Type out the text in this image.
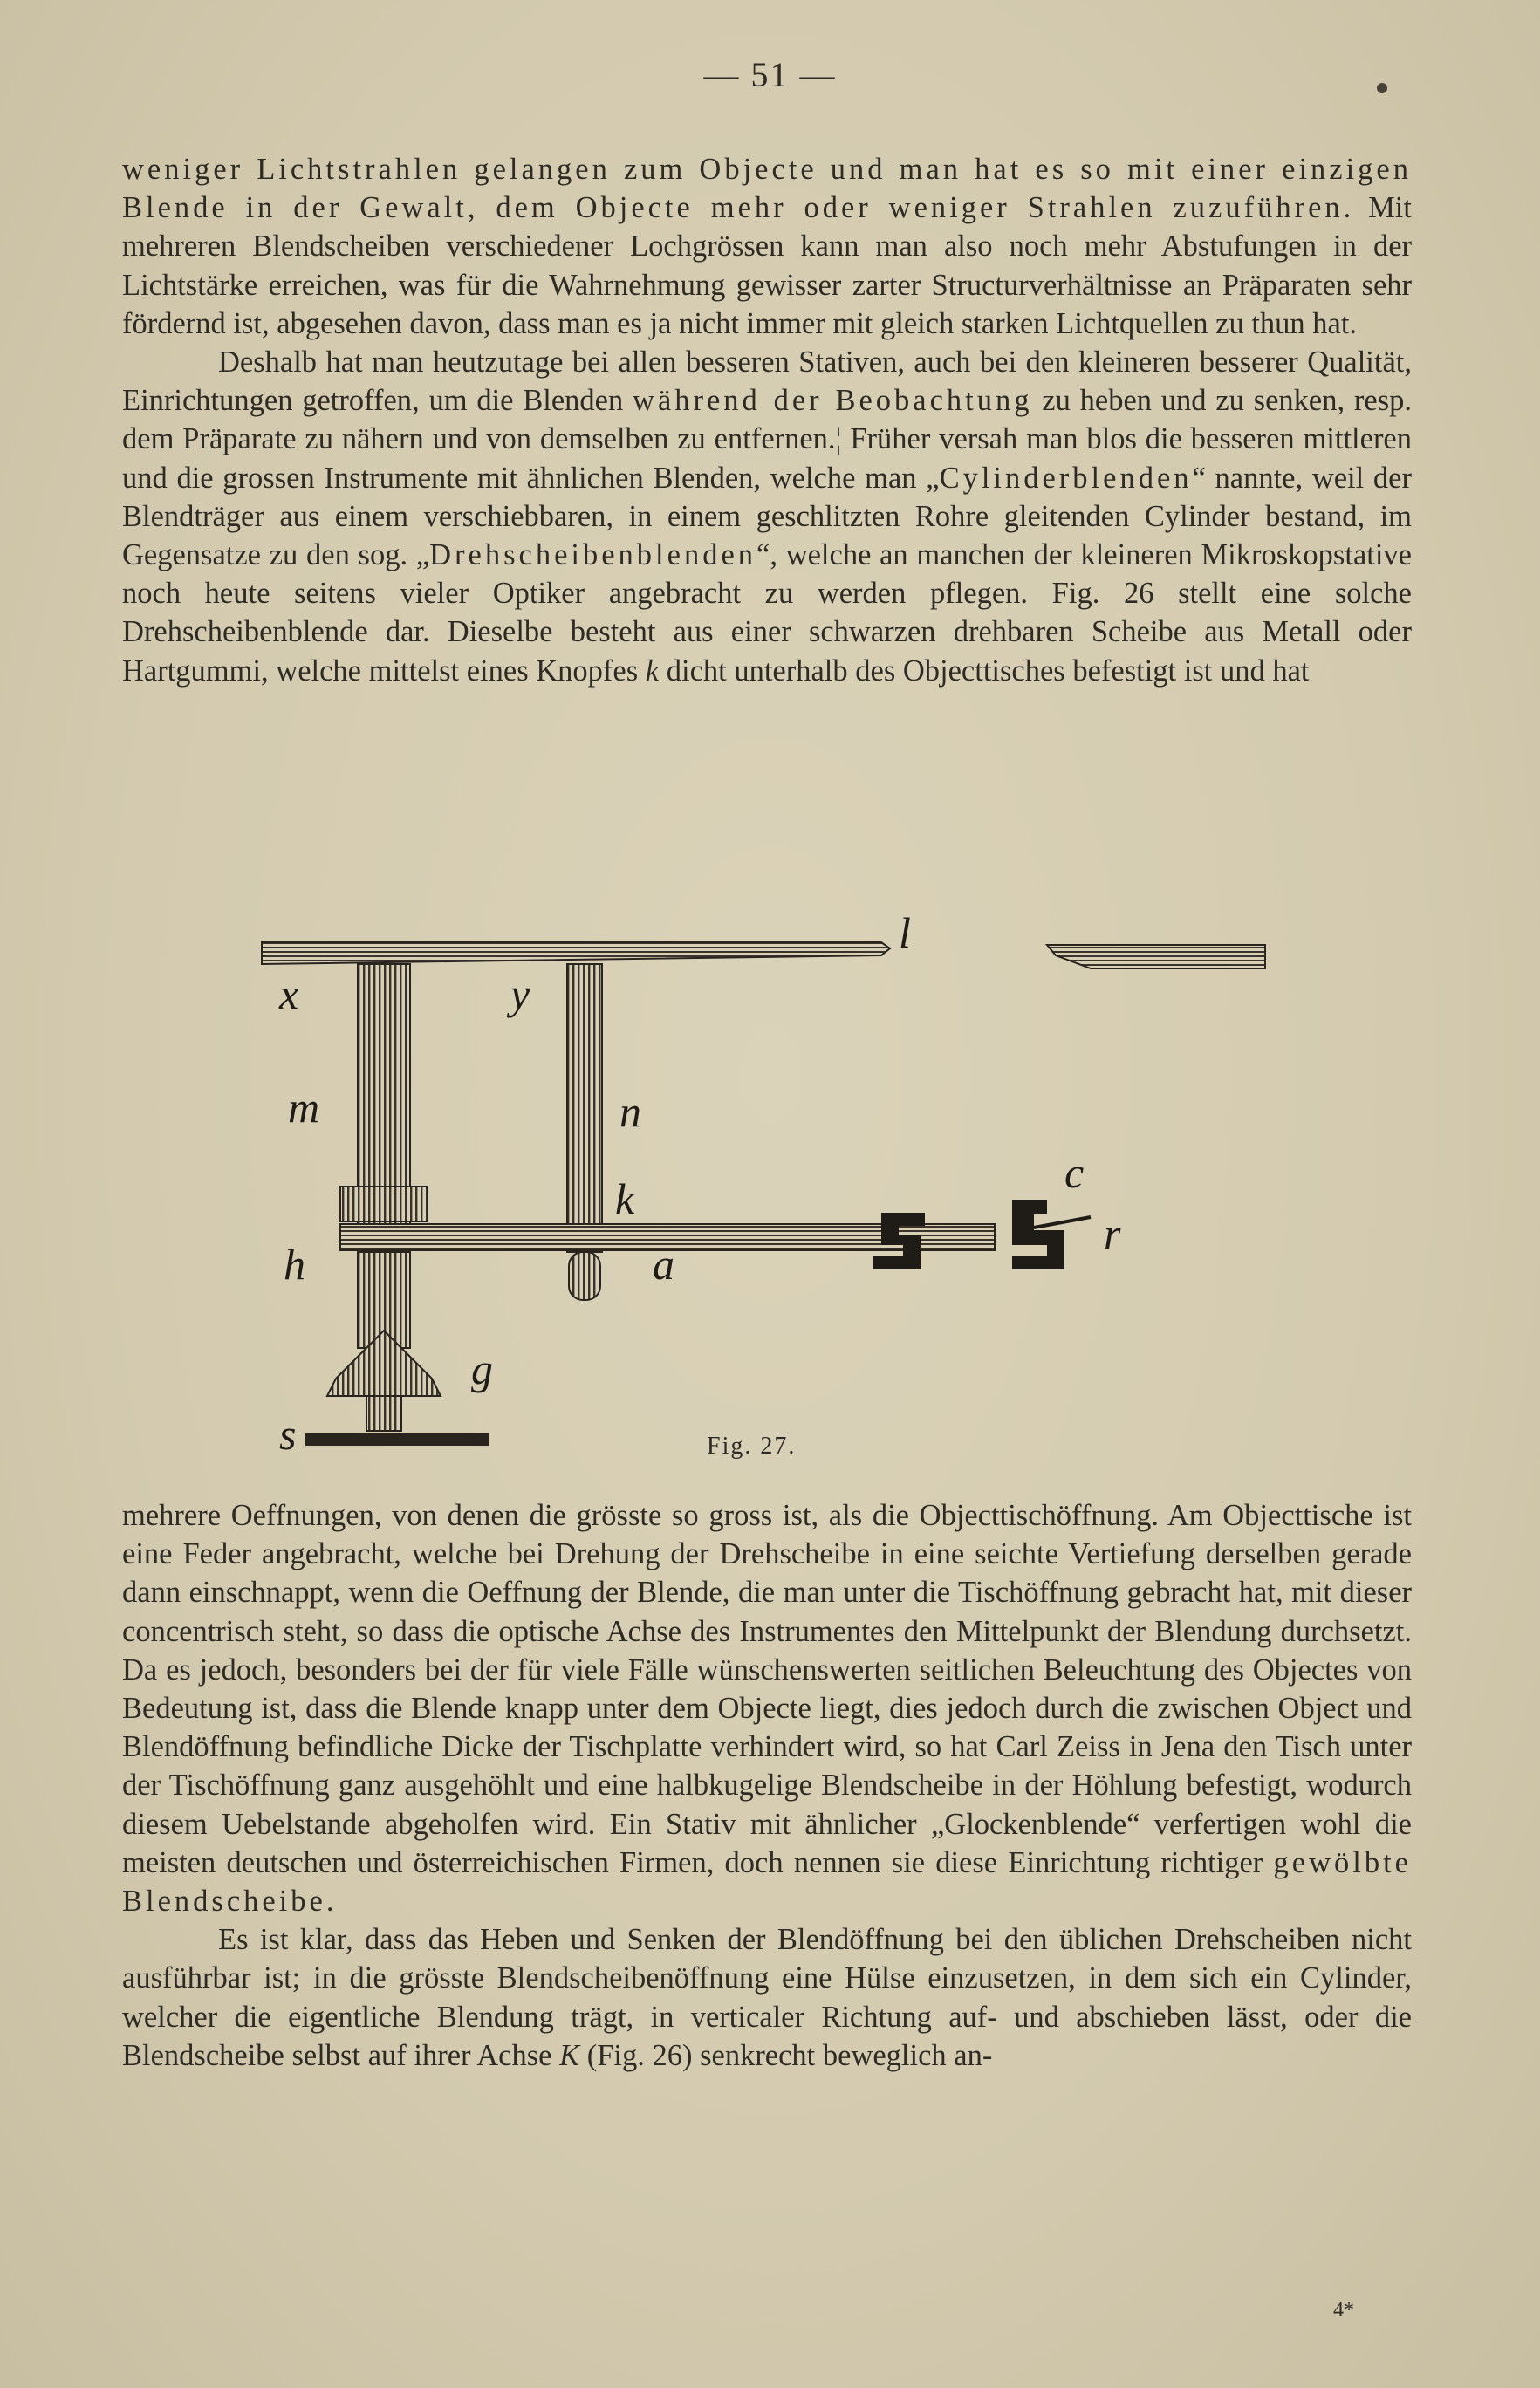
— 51 —

weniger Lichtstrahlen gelangen zum Objecte und man hat es so mit einer einzigen Blende in der Gewalt, dem Objecte mehr oder weniger Strahlen zuzuführen. Mit mehreren Blendscheiben verschiedener Lochgrössen kann man also noch mehr Abstufungen in der Lichtstärke erreichen, was für die Wahrnehmung gewisser zarter Structurverhältnisse an Präparaten sehr fördernd ist, abgesehen davon, dass man es ja nicht immer mit gleich starken Lichtquellen zu thun hat.

Deshalb hat man heutzutage bei allen besseren Stativen, auch bei den kleineren besserer Qualität, Einrichtungen getroffen, um die Blenden während der Beobachtung zu heben und zu senken, resp. dem Präparate zu nähern und von demselben zu entfernen.¦ Früher versah man blos die besseren mittleren und die grossen Instrumente mit ähnlichen Blenden, welche man „Cylinderblenden“ nannte, weil der Blendträger aus einem verschiebbaren, in einem geschlitzten Rohre gleitenden Cylinder bestand, im Gegensatze zu den sog. „Drehscheibenblenden“, welche an manchen der kleineren Mikroskopstative noch heute seitens vieler Optiker angebracht zu werden pflegen. Fig. 26 stellt eine solche Drehscheibenblende dar. Dieselbe besteht aus einer schwarzen drehbaren Scheibe aus Metall oder Hartgummi, welche mittelst eines Knopfes k dicht unterhalb des Objecttisches befestigt ist und hat

x	y
l
m	n
k
c
r
h	a
g
s	Fig. 27.

mehrere Oeffnungen, von denen die grösste so gross ist, als die Objecttischöffnung. Am Objecttische ist eine Feder angebracht, welche bei Drehung der Drehscheibe in eine seichte Vertiefung derselben gerade dann einschnappt, wenn die Oeffnung der Blende, die man unter die Tischöffnung gebracht hat, mit dieser concentrisch steht, so dass die optische Achse des Instrumentes den Mittelpunkt der Blendung durchsetzt. Da es jedoch, besonders bei der für viele Fälle wünschenswerten seitlichen Beleuchtung des Objectes von Bedeutung ist, dass die Blende knapp unter dem Objecte liegt, dies jedoch durch die zwischen Object und Blendöffnung befindliche Dicke der Tischplatte verhindert wird, so hat Carl Zeiss in Jena den Tisch unter der Tischöffnung ganz ausgehöhlt und eine halbkugelige Blendscheibe in der Höhlung befestigt, wodurch diesem Uebelstande abgeholfen wird. Ein Stativ mit ähnlicher „Glockenblende“ verfertigen wohl die meisten deutschen und österreichischen Firmen, doch nennen sie diese Einrichtung richtiger gewölbte Blendscheibe.

Es ist klar, dass das Heben und Senken der Blendöffnung bei den üblichen Drehscheiben nicht ausführbar ist; in die grösste Blendscheibenöffnung eine Hülse einzusetzen, in dem sich ein Cylinder, welcher die eigentliche Blendung trägt, in verticaler Richtung auf- und abschieben lässt, oder die Blendscheibe selbst auf ihrer Achse K (Fig. 26) senkrecht beweglich an-

4*
